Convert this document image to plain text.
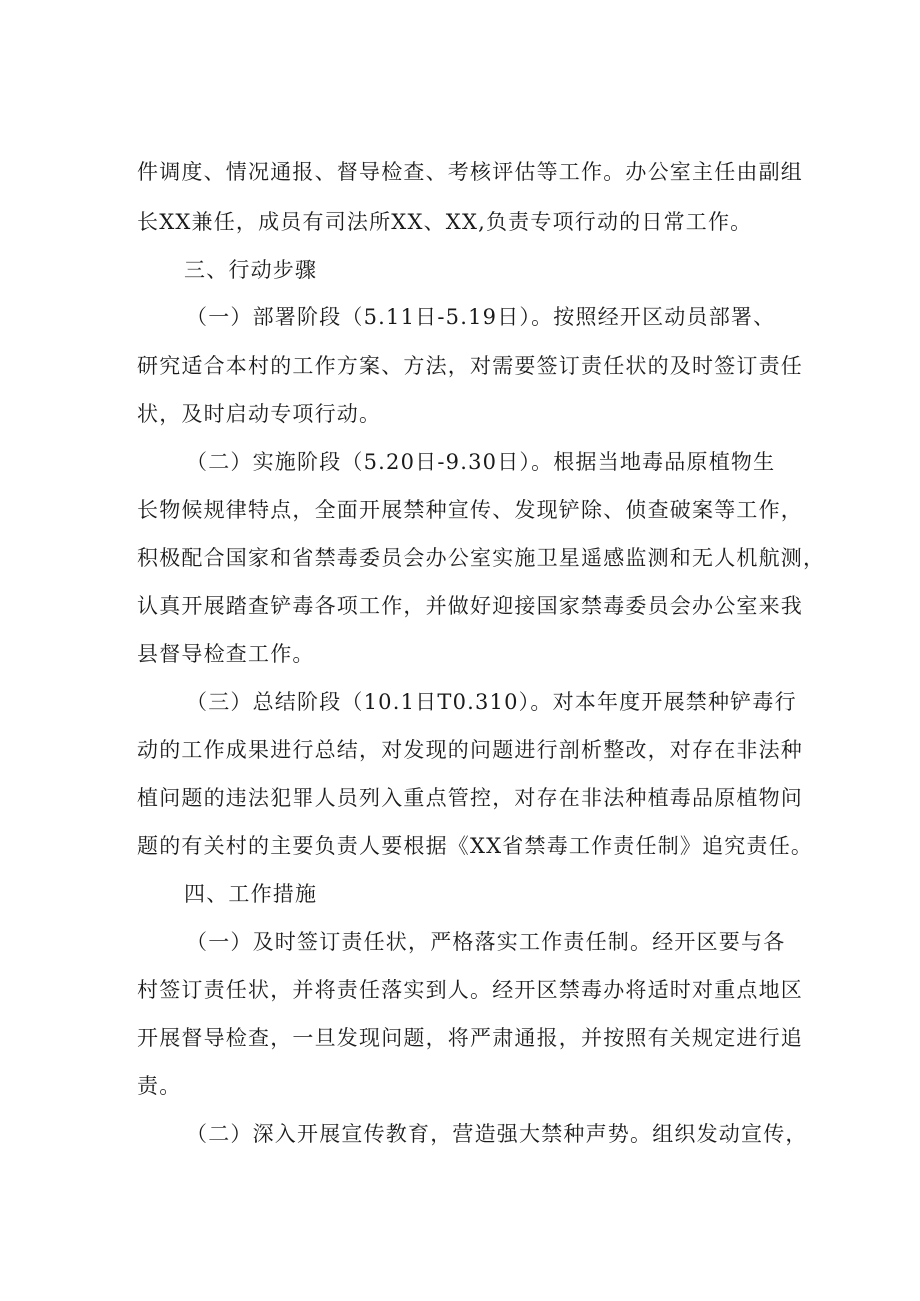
件调度、情况通报、督导检查、考核评估等工作。办公室主任由副组
长XX兼任，成员有司法所XX、XX,负责专项行动的日常工作。
三、行动步骤
（一）部署阶段（5.11日-5.19日）。按照经开区动员部署、
研究适合本村的工作方案、方法，对需要签订责任状的及时签订责任
状，及时启动专项行动。
（二）实施阶段（5.20日-9.30日）。根据当地毒品原植物生
长物候规律特点，全面开展禁种宣传、发现铲除、侦查破案等工作，
积极配合国家和省禁毒委员会办公室实施卫星遥感监测和无人机航测，
认真开展踏查铲毒各项工作，并做好迎接国家禁毒委员会办公室来我
县督导检查工作。
（三）总结阶段（10.1日T0.310）。对本年度开展禁种铲毒行
动的工作成果进行总结，对发现的问题进行剖析整改，对存在非法种
植问题的违法犯罪人员列入重点管控，对存在非法种植毒品原植物问
题的有关村的主要负责人要根据《XX省禁毒工作责任制》追究责任。
四、工作措施
（一）及时签订责任状，严格落实工作责任制。经开区要与各
村签订责任状，并将责任落实到人。经开区禁毒办将适时对重点地区
开展督导检查，一旦发现问题，将严肃通报，并按照有关规定进行追
责。
（二）深入开展宣传教育，营造强大禁种声势。组织发动宣传，
